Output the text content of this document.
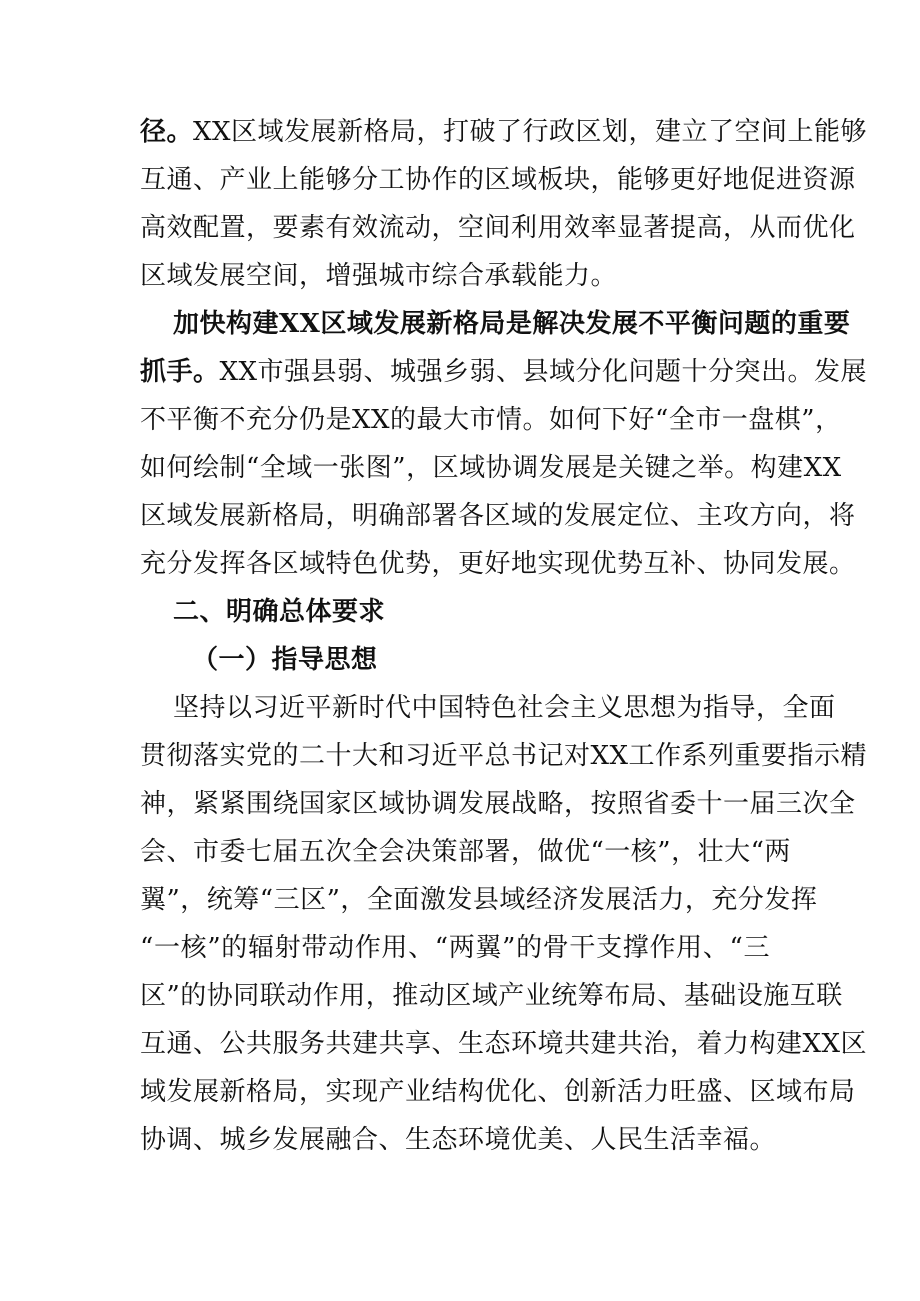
径。XX区域发展新格局，打破了行政区划，建立了空间上能够
互通、产业上能够分工协作的区域板块，能够更好地促进资源
高效配置，要素有效流动，空间利用效率显著提高，从而优化
区域发展空间，增强城市综合承载能力。
加快构建XX区域发展新格局是解决发展不平衡问题的重要
抓手。XX市强县弱、城强乡弱、县域分化问题十分突出。发展
不平衡不充分仍是XX的最大市情。如何下好“全市一盘棋”，
如何绘制“全域一张图”，区域协调发展是关键之举。构建XX
区域发展新格局，明确部署各区域的发展定位、主攻方向，将
充分发挥各区域特色优势，更好地实现优势互补、协同发展。
二、明确总体要求
（一）指导思想
坚持以习近平新时代中国特色社会主义思想为指导，全面
贯彻落实党的二十大和习近平总书记对XX工作系列重要指示精
神，紧紧围绕国家区域协调发展战略，按照省委十一届三次全
会、市委七届五次全会决策部署，做优“一核”，壮大“两
翼”，统筹“三区”，全面激发县域经济发展活力，充分发挥
“一核”的辐射带动作用、“两翼”的骨干支撑作用、“三
区”的协同联动作用，推动区域产业统筹布局、基础设施互联
互通、公共服务共建共享、生态环境共建共治，着力构建XX区
域发展新格局，实现产业结构优化、创新活力旺盛、区域布局
协调、城乡发展融合、生态环境优美、人民生活幸福。
